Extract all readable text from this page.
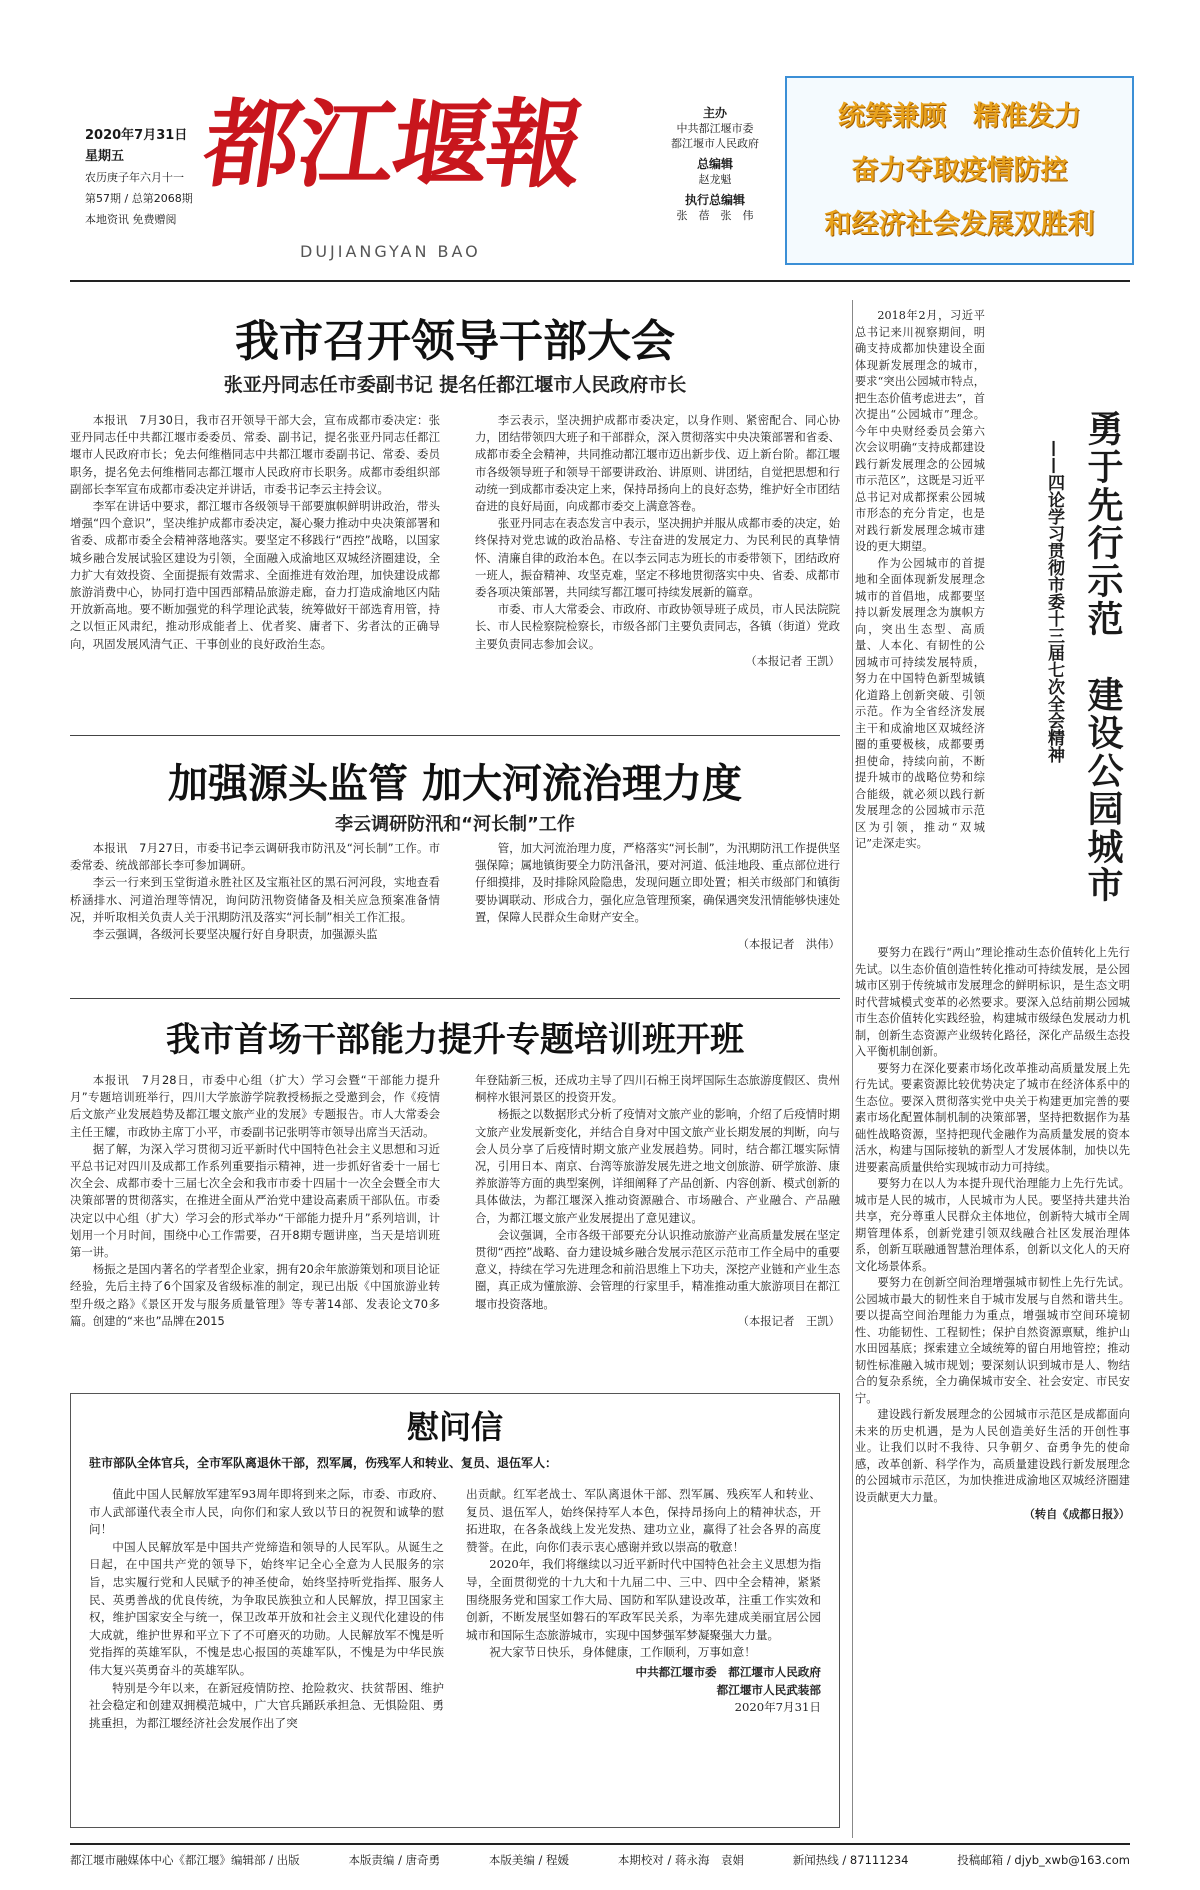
2020年7月31日
星期五
农历庚子年六月十一
第57期 / 总第2068期
本地资讯 免费赠阅
都江堰報
DUJIANGYAN BAO
主办
中共都江堰市委
都江堰市人民政府
总编辑
赵龙魁
执行总编辑
张　蓓　张　伟
统筹兼顾　精准发力
奋力夺取疫情防控
和经济社会发展双胜利
我市召开领导干部大会
张亚丹同志任市委副书记 提名任都江堰市人民政府市长

本报讯　7月30日，我市召开领导干部大会，宣布成都市委决定：张亚丹同志任中共都江堰市委委员、常委、副书记，提名张亚丹同志任都江堰市人民政府市长；免去何维楷同志中共都江堰市委副书记、常委、委员职务，提名免去何维楷同志都江堰市人民政府市长职务。成都市委组织部副部长李军宣布成都市委决定并讲话，市委书记李云主持会议。

李军在讲话中要求，都江堰市各级领导干部要旗帜鲜明讲政治，带头增强“四个意识”，坚决维护成都市委决定，凝心聚力推动中央决策部署和省委、成都市委全会精神落地落实。要坚定不移践行“西控”战略，以国家城乡融合发展试验区建设为引领，全面融入成渝地区双城经济圈建设，全力扩大有效投资、全面提振有效需求、全面推进有效治理，加快建设成都旅游消费中心，协同打造中国西部精品旅游走廊，奋力打造成渝地区内陆开放新高地。要不断加强党的科学理论武装，统筹做好干部选育用管，持之以恒正风肃纪，推动形成能者上、优者奖、庸者下、劣者汰的正确导向，巩固发展风清气正、干事创业的良好政治生态。

李云表示，坚决拥护成都市委决定，以身作则、紧密配合、同心协力，团结带领四大班子和干部群众，深入贯彻落实中央决策部署和省委、成都市委全会精神，共同推动都江堰市迈出新步伐、迈上新台阶。都江堰市各级领导班子和领导干部要讲政治、讲原则、讲团结，自觉把思想和行动统一到成都市委决定上来，保持昂扬向上的良好态势，维护好全市团结奋进的良好局面，向成都市委交上满意答卷。

张亚丹同志在表态发言中表示，坚决拥护并服从成都市委的决定，始终保持对党忠诚的政治品格、专注奋进的发展定力、为民利民的真挚情怀、清廉自律的政治本色。在以李云同志为班长的市委带领下，团结政府一班人，振奋精神、攻坚克难，坚定不移地贯彻落实中央、省委、成都市委各项决策部署，共同续写都江堰可持续发展新的篇章。

市委、市人大常委会、市政府、市政协领导班子成员，市人民法院院长、市人民检察院检察长，市级各部门主要负责同志，各镇（街道）党政主要负责同志参加会议。

（本报记者 王凯）

加强源头监管 加大河流治理力度
李云调研防汛和“河长制”工作

本报讯　7月27日，市委书记李云调研我市防汛及“河长制”工作。市委常委、统战部部长李可参加调研。

李云一行来到玉堂街道永胜社区及宝瓶社区的黑石河河段，实地查看桥涵排水、河道治理等情况，询问防汛物资储备及相关应急预案准备情况，并听取相关负责人关于汛期防汛及落实“河长制”相关工作汇报。

李云强调，各级河长要坚决履行好自身职责，加强源头监

管，加大河流治理力度，严格落实“河长制”，为汛期防汛工作提供坚强保障；属地镇街要全力防汛备汛，要对河道、低洼地段、重点部位进行仔细摸排，及时排除风险隐患，发现问题立即处置；相关市级部门和镇街要协调联动、形成合力，强化应急管理预案，确保遇突发汛情能够快速处置，保障人民群众生命财产安全。

（本报记者　洪伟）

我市首场干部能力提升专题培训班开班

本报讯　7月28日，市委中心组（扩大）学习会暨“干部能力提升月”专题培训班举行，四川大学旅游学院教授杨振之受邀到会，作《疫情后文旅产业发展趋势及都江堰文旅产业的发展》专题报告。市人大常委会主任王耀，市政协主席丁小平，市委副书记张明等市领导出席当天活动。

据了解，为深入学习贯彻习近平新时代中国特色社会主义思想和习近平总书记对四川及成都工作系列重要指示精神，进一步抓好省委十一届七次全会、成都市委十三届七次全会和我市市委十四届十一次全会暨全市大决策部署的贯彻落实，在推进全面从严治党中建设高素质干部队伍。市委决定以中心组（扩大）学习会的形式举办“干部能力提升月”系列培训，计划用一个月时间，围绕中心工作需要，召开8期专题讲座，当天是培训班第一讲。

杨振之是国内著名的学者型企业家，拥有20余年旅游策划和项目论证经验，先后主持了6个国家及省级标准的制定，现已出版《中国旅游业转型升级之路》《景区开发与服务质量管理》等专著14部、发表论文70多篇。创建的“来也”品牌在2015

年登陆新三板，还成功主导了四川石棉王岗坪国际生态旅游度假区、贵州桐梓水银河景区的投资开发。

杨振之以数据形式分析了疫情对文旅产业的影响，介绍了后疫情时期文旅产业发展新变化，并结合自身对中国文旅产业长期发展的判断，向与会人员分享了后疫情时期文旅产业发展趋势。同时，结合都江堰实际情况，引用日本、南京、台湾等旅游发展先进之地文创旅游、研学旅游、康养旅游等方面的典型案例，详细阐释了产品创新、内容创新、模式创新的具体做法，为都江堰深入推动资源融合、市场融合、产业融合、产品融合，为都江堰文旅产业发展提出了意见建议。

会议强调，全市各级干部要充分认识推动旅游产业高质量发展在坚定贯彻“西控”战略、奋力建设城乡融合发展示范区示范市工作全局中的重要意义，持续在学习先进理念和前沿思维上下功夫，深挖产业链和产业生态圈，真正成为懂旅游、会管理的行家里手，精准推动重大旅游项目在都江堰市投资落地。

（本报记者　王凯）

慰问信
驻市部队全体官兵，全市军队离退休干部，烈军属，伤残军人和转业、复员、退伍军人：

值此中国人民解放军建军93周年即将到来之际，市委、市政府、市人武部谨代表全市人民，向你们和家人致以节日的祝贺和诚挚的慰问！

中国人民解放军是中国共产党缔造和领导的人民军队。从诞生之日起，在中国共产党的领导下，始终牢记全心全意为人民服务的宗旨，忠实履行党和人民赋予的神圣使命，始终坚持听党指挥、服务人民、英勇善战的优良传统，为争取民族独立和人民解放，捍卫国家主权，维护国家安全与统一，保卫改革开放和社会主义现代化建设的伟大成就，维护世界和平立下了不可磨灭的功勋。人民解放军不愧是听党指挥的英雄军队，不愧是忠心报国的英雄军队，不愧是为中华民族伟大复兴英勇奋斗的英雄军队。

特别是今年以来，在新冠疫情防控、抢险救灾、扶贫帮困、维护社会稳定和创建双拥模范城中，广大官兵踊跃承担急、无惧险阻、勇挑重担，为都江堰经济社会发展作出了突

出贡献。红军老战士、军队离退休干部、烈军属、残疾军人和转业、复员、退伍军人，始终保持军人本色，保持昂扬向上的精神状态，开拓进取，在各条战线上发光发热、建功立业，赢得了社会各界的高度赞誉。在此，向你们表示衷心感谢并致以崇高的敬意！

2020年，我们将继续以习近平新时代中国特色社会主义思想为指导，全面贯彻党的十九大和十九届二中、三中、四中全会精神，紧紧围绕服务党和国家工作大局、国防和军队建设改革，注重工作实效和创新，不断发展坚如磐石的军政军民关系，为率先建成美丽宜居公园城市和国际生态旅游城市，实现中国梦强军梦凝聚强大力量。

祝大家节日快乐，身体健康，工作顺利，万事如意！

中共都江堰市委　都江堰市人民政府

都江堰市人民武装部

2020年7月31日

勇于先行示范　建设公园城市
——四论学习贯彻市委十三届七次全会精神

2018年2月，习近平总书记来川视察期间，明确支持成都加快建设全面体现新发展理念的城市，要求“突出公园城市特点，把生态价值考虑进去”，首次提出“公园城市”理念。今年中央财经委员会第六次会议明确“支持成都建设践行新发展理念的公园城市示范区”，这既是习近平总书记对成都探索公园城市形态的充分肯定，也是对践行新发展理念城市建设的更大期望。

作为公园城市的首提地和全面体现新发展理念城市的首倡地，成都要坚持以新发展理念为旗帜方向，突出生态型、高质量、人本化、有韧性的公园城市可持续发展特质，努力在中国特色新型城镇化道路上创新突破、引领示范。作为全省经济发展主干和成渝地区双城经济圈的重要极核，成都要勇担使命，持续向前，不断提升城市的战略位势和综合能级，就必须以践行新发展理念的公园城市示范区为引领，推动“双城记”走深走实。

要努力在践行“两山”理论推动生态价值转化上先行先试。以生态价值创造性转化推动可持续发展，是公园城市区别于传统城市发展理念的鲜明标识，是生态文明时代营城模式变革的必然要求。要深入总结前期公园城市生态价值转化实践经验，构建城市级绿色发展动力机制，创新生态资源产业级转化路径，深化产品级生态投入平衡机制创新。

要努力在深化要素市场化改革推动高质量发展上先行先试。要素资源比较优势决定了城市在经济体系中的生态位。要深入贯彻落实党中央关于构建更加完善的要素市场化配置体制机制的决策部署，坚持把数据作为基础性战略资源，坚持把现代金融作为高质量发展的资本活水，构建与国际接轨的新型人才发展体制，加快以先进要素高质量供给实现城市动力可持续。

要努力在以人为本提升现代治理能力上先行先试。城市是人民的城市，人民城市为人民。要坚持共建共治共享，充分尊重人民群众主体地位，创新特大城市全周期管理体系，创新党建引领双线融合社区发展治理体系，创新互联融通智慧治理体系，创新以文化人的天府文化场景体系。

要努力在创新空间治理增强城市韧性上先行先试。公园城市最大的韧性来自于城市发展与自然和谐共生。要以提高空间治理能力为重点，增强城市空间环境韧性、功能韧性、工程韧性；保护自然资源禀赋，维护山水田园基底；探索建立全域统筹的留白用地管控；推动韧性标准融入城市规划；要深刻认识到城市是人、物结合的复杂系统，全力确保城市安全、社会安定、市民安宁。

建设践行新发展理念的公园城市示范区是成都面向未来的历史机遇，是为人民创造美好生活的开创性事业。让我们以时不我待、只争朝夕、奋勇争先的使命感，改革创新、科学作为，高质量建设践行新发展理念的公园城市示范区，为加快推进成渝地区双城经济圈建设贡献更大力量。

（转自《成都日报》）

都江堰市融媒体中心《都江堰》编辑部 / 出版	本版责编 / 唐奇勇	本版美编 / 程媛	本期校对 / 蒋永海　袁娟	新闻热线 / 87111234	投稿邮箱 / djyb_xwb@163.com
